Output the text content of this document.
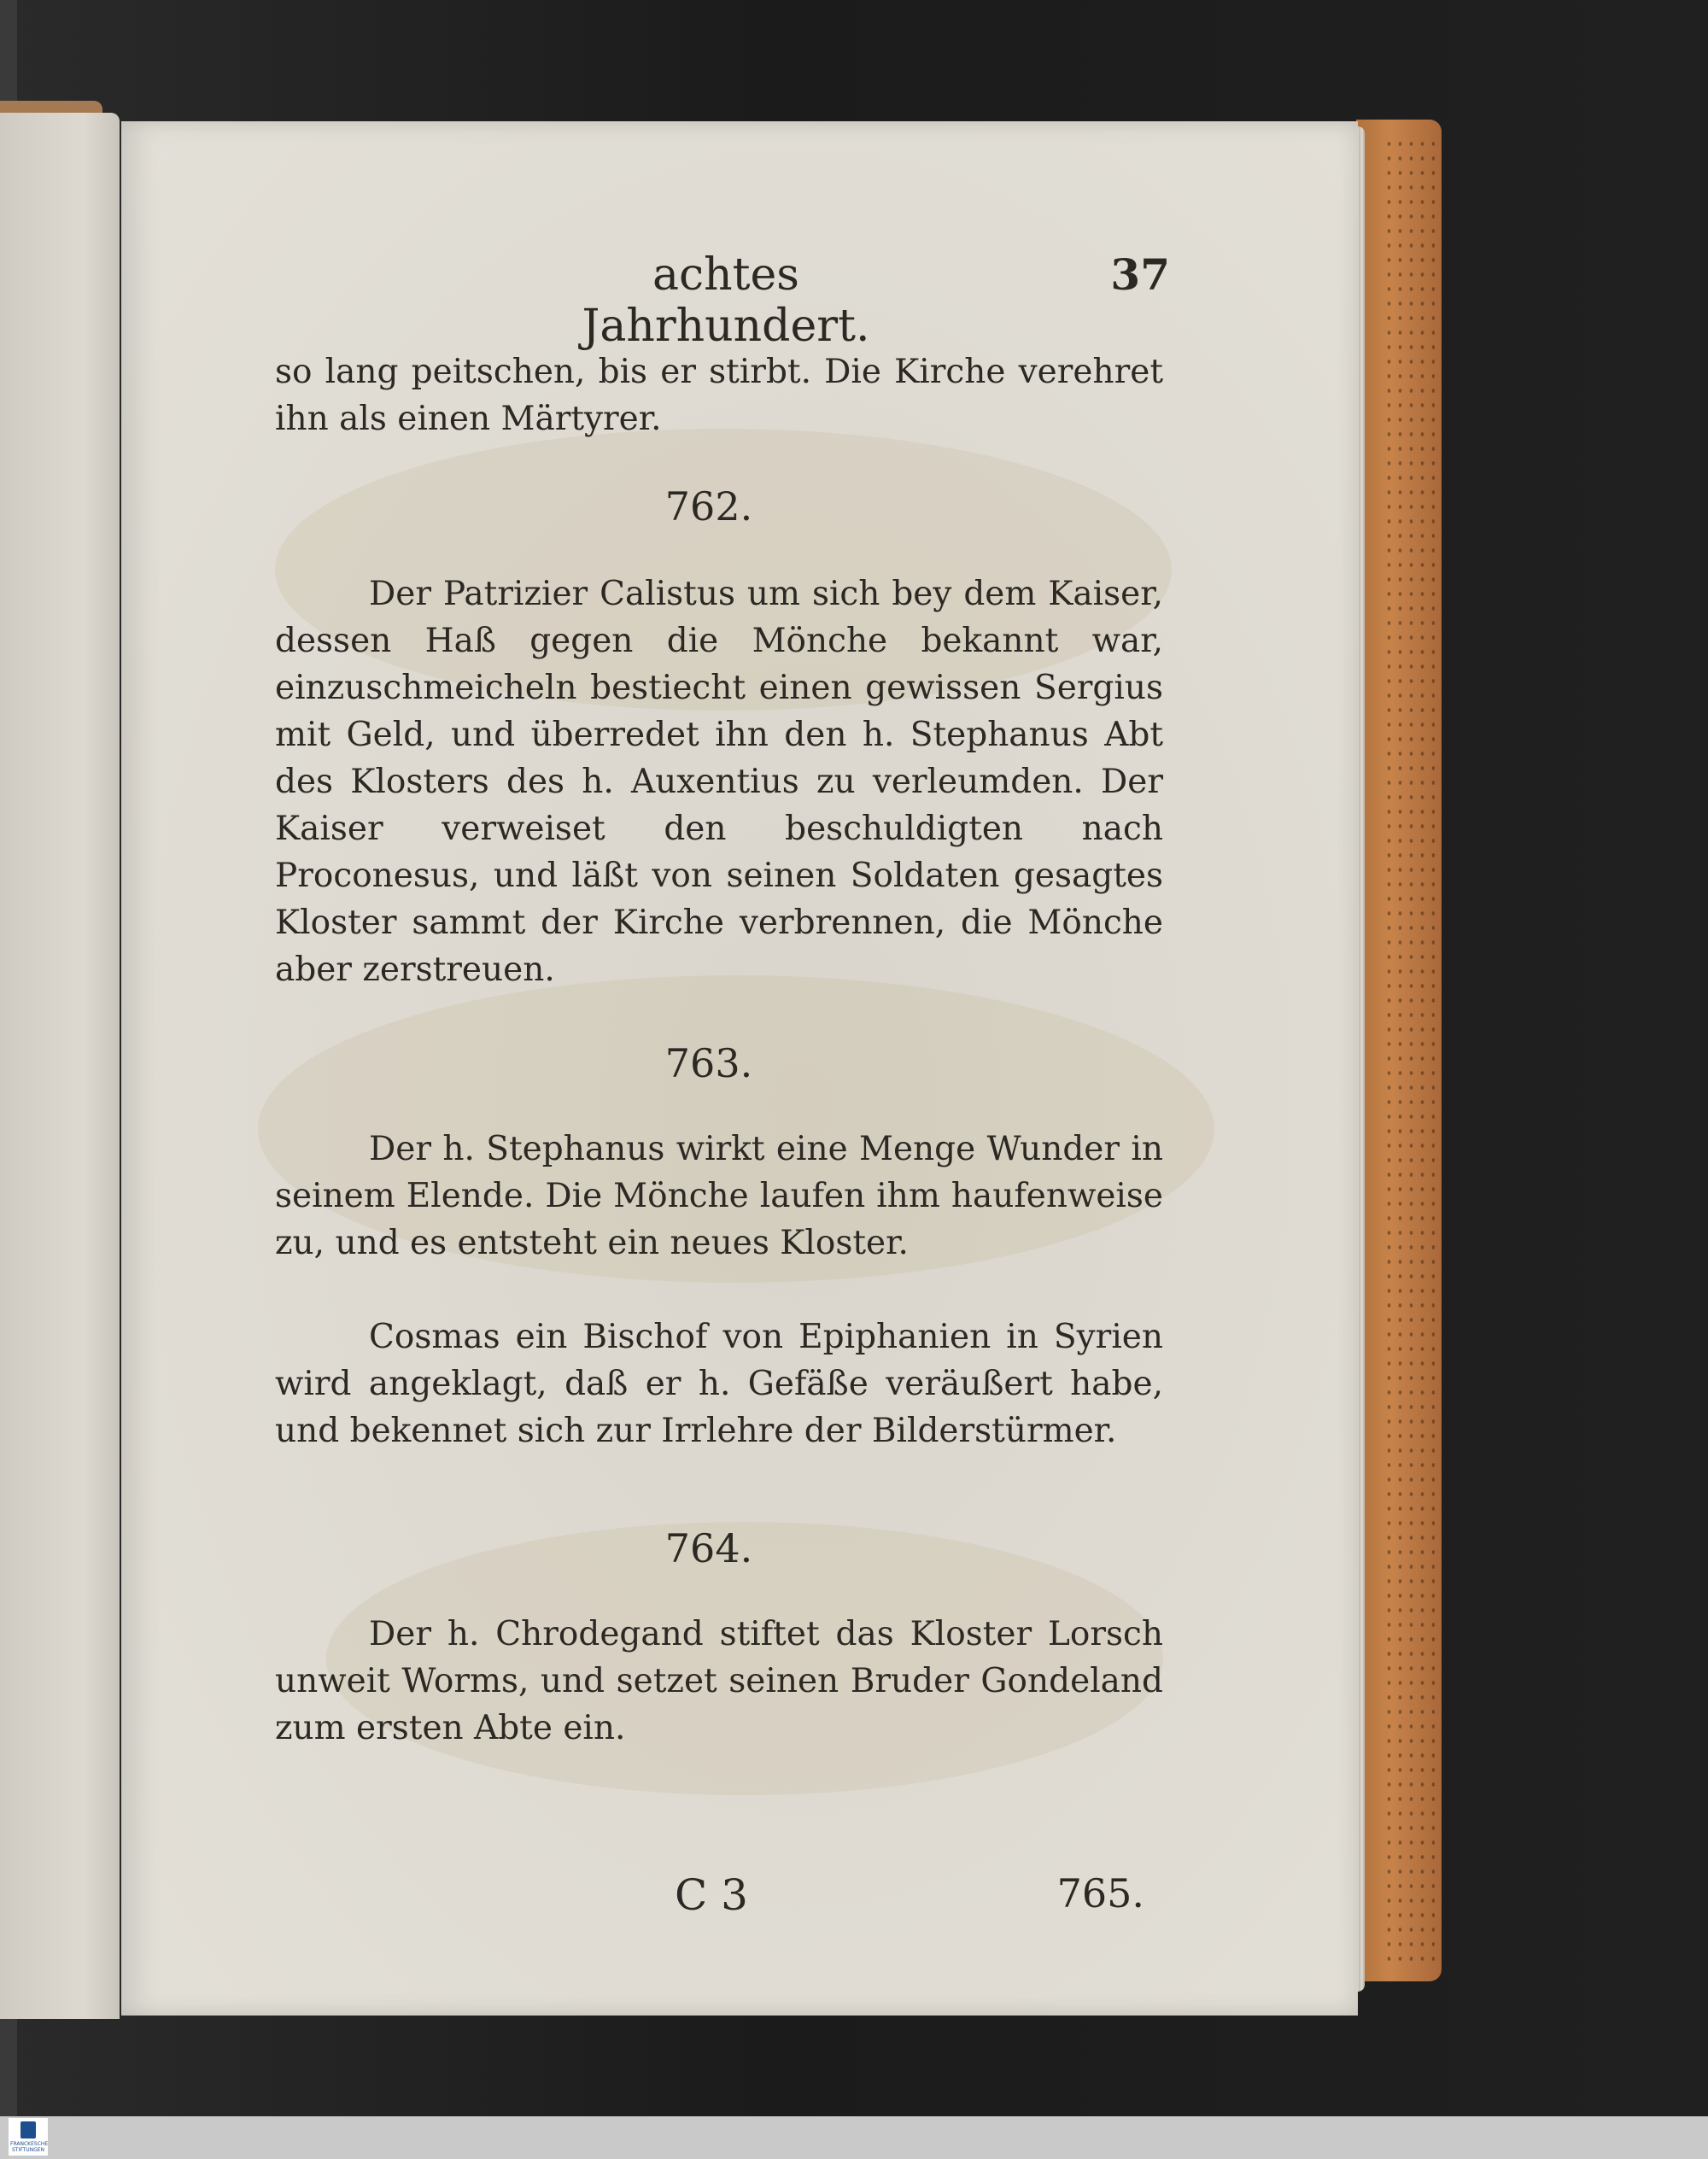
achtes Jahrhundert.
37
so lang peitschen, bis er stirbt. Die Kirche verehret ihn als einen Märtyrer.
762.
Der Patrizier Calistus um sich bey dem Kaiser, dessen Haß gegen die Mönche bekannt war, einzuschmeicheln bestiecht einen gewissen Sergius mit Geld, und überredet ihn den h. Stephanus Abt des Klosters des h. Auxentius zu verleumden. Der Kaiser verweiset den beschuldigten nach Proconesus, und läßt von seinen Soldaten gesagtes Kloster sammt der Kirche verbrennen, die Mönche aber zerstreuen.
763.
Der h. Stephanus wirkt eine Menge Wunder in seinem Elende. Die Mönche laufen ihm haufenweise zu, und es entsteht ein neues Kloster.
Cosmas ein Bischof von Epiphanien in Syrien wird angeklagt, daß er h. Gefäße veräußert habe, und bekennet sich zur Irrlehre der Bilderstürmer.
764.
Der h. Chrodegand stiftet das Kloster Lorsch unweit Worms, und setzet seinen Bruder Gondeland zum ersten Abte ein.
C 3	765.
FRANCKESCHE STIFTUNGEN
